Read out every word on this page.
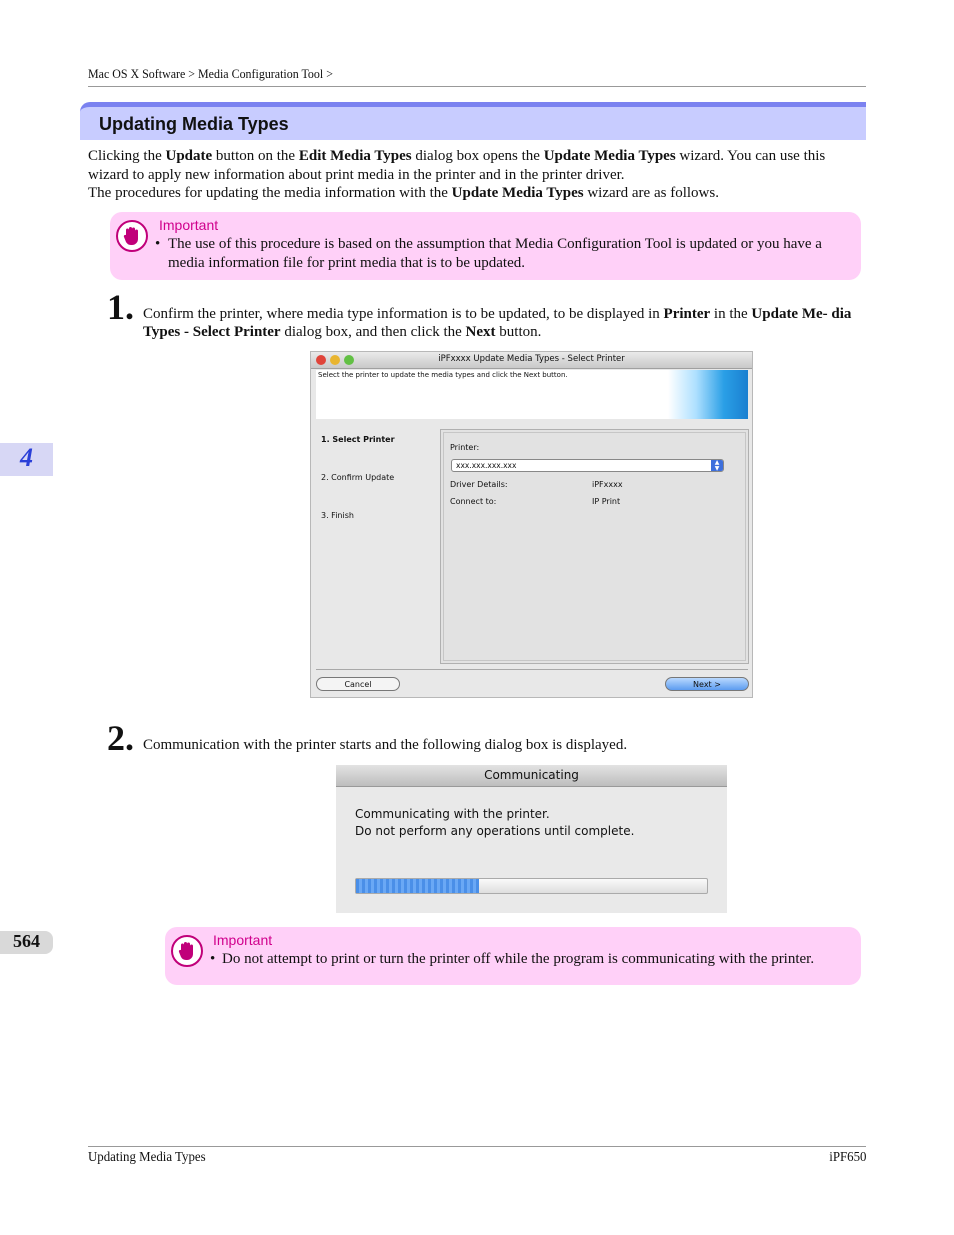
Mac OS X Software > Media Configuration Tool >
Updating Media Types
Clicking the Update button on the Edit Media Types dialog box opens the Update Media Types wizard. You can use this wizard to apply new information about print media in the printer and in the printer driver.
The procedures for updating the media information with the Update Media Types wizard are as follows.
Important
• The use of this procedure is based on the assumption that Media Configuration Tool is updated or you have a media information file for print media that is to be updated.
1. Confirm the printer, where media type information is to be updated, to be displayed in Printer in the Update Me- dia Types - Select Printer dialog box, and then click the Next button.
iPFxxxx Update Media Types - Select Printer
Select the printer to update the media types and click the Next button.
1. Select Printer
2. Confirm Update
3. Finish
Printer:
xxx.xxx.xxx.xxx	▲
▼
Driver Details:	iPFxxxx
Connect to:	IP Print
Cancel	Next >
2. Communication with the printer starts and the following dialog box is displayed.
Communicating
Communicating with the printer.
Do not perform any operations until complete.
Important
• Do not attempt to print or turn the printer off while the program is communicating with the printer.
4
564
Updating Media Types	iPF650
